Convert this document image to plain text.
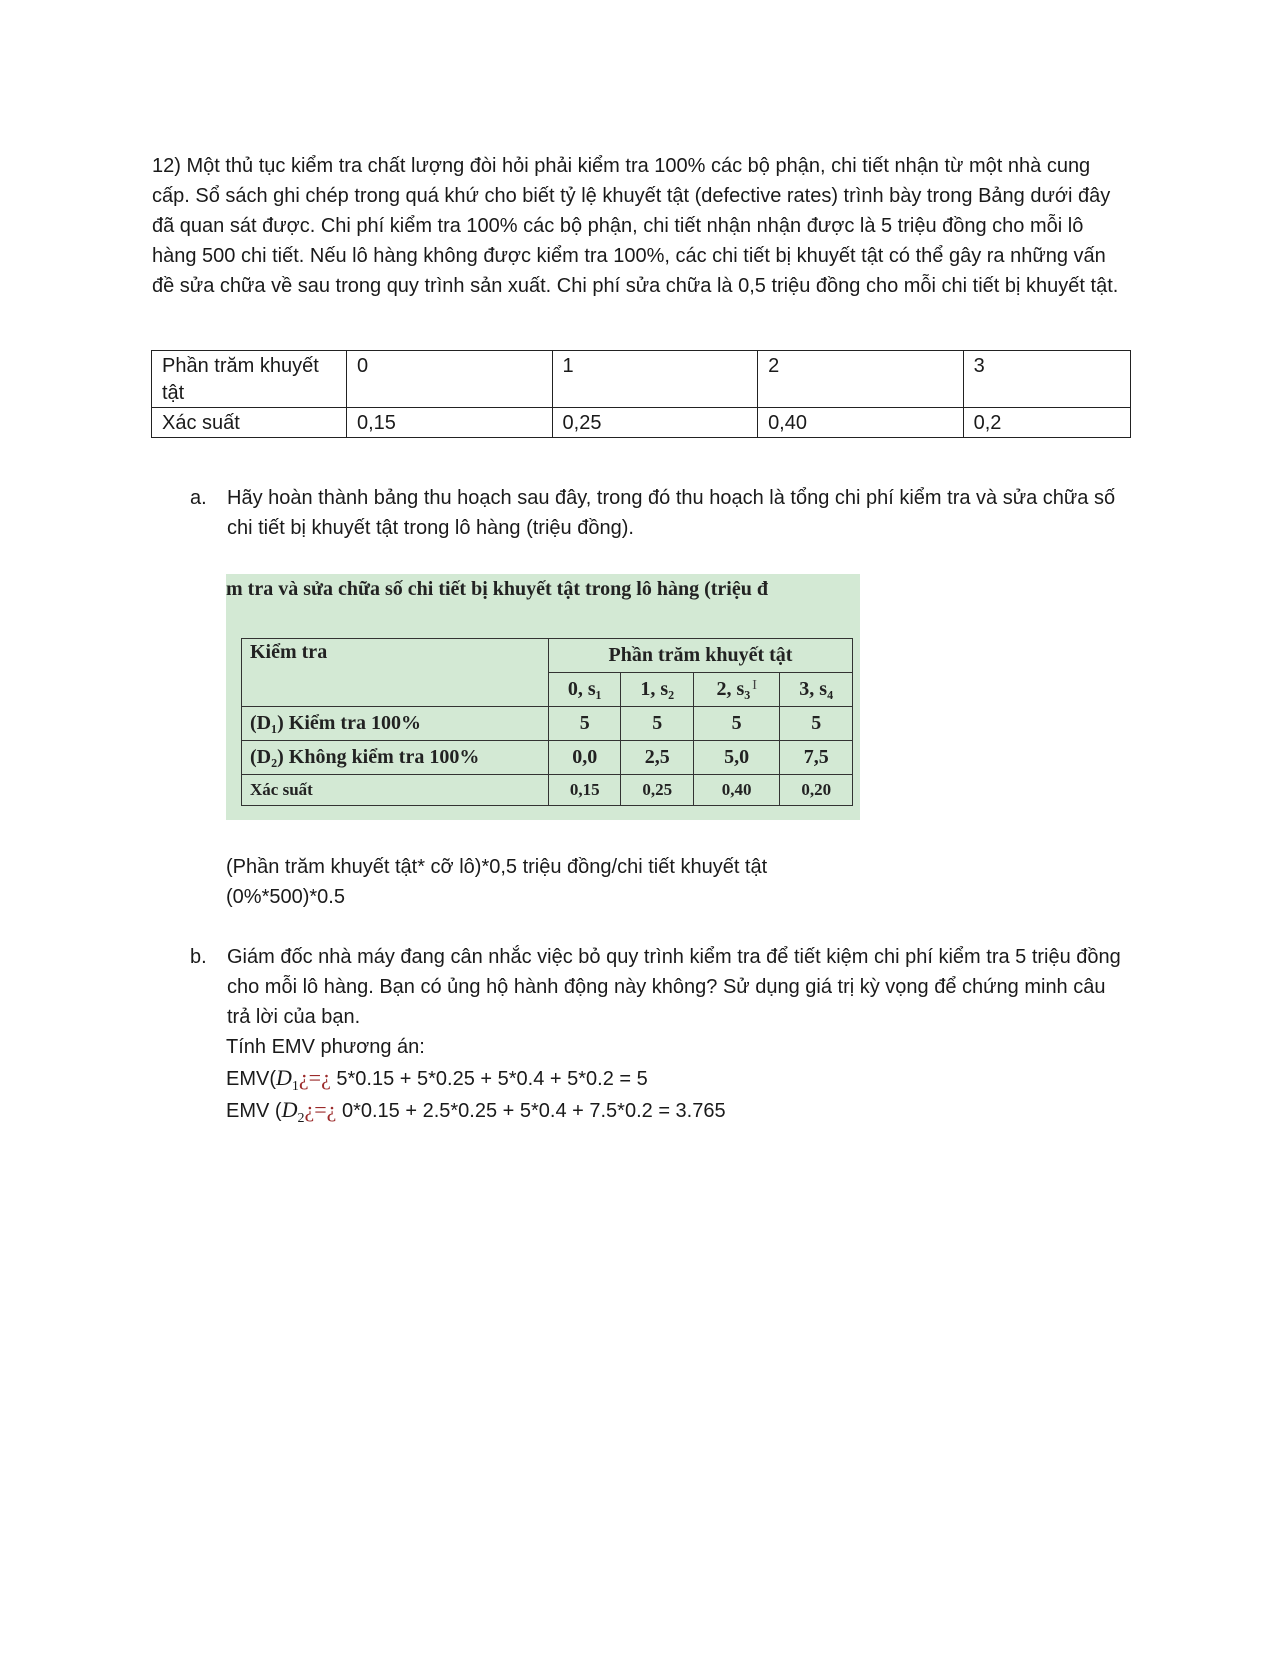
12) Một thủ tục kiểm tra chất lượng đòi hỏi phải kiểm tra 100% các bộ phận, chi tiết nhận từ một nhà cung cấp. Sổ sách ghi chép trong quá khứ cho biết tỷ lệ khuyết tật (defective rates) trình bày trong Bảng dưới đây đã quan sát được. Chi phí kiểm tra 100% các bộ phận, chi tiết nhận nhận được là 5 triệu đồng cho mỗi lô hàng 500 chi tiết. Nếu lô hàng không được kiểm tra 100%, các chi tiết bị khuyết tật có thể gây ra những vấn đề sửa chữa về sau trong quy trình sản xuất. Chi phí sửa chữa là 0,5 triệu đồng cho mỗi chi tiết bị khuyết tật.
Phần trăm khuyết tật	0	1	2	3
Xác suất	0,15	0,25	0,40	0,2
a. Hãy hoàn thành bảng thu hoạch sau đây, trong đó thu hoạch là tổng chi phí kiểm tra và sửa chữa số chi tiết bị khuyết tật trong lô hàng (triệu đồng).
m tra và sửa chữa số chi tiết bị khuyết tật trong lô hàng (triệu đ
Kiểm tra	Phần trăm khuyết tật			
	0, s₁	1, s₂	2, s₃ $^I$	3, s₄
(D₁) Kiểm tra 100%	5	5	5	5
(D₂) Không kiểm tra 100%	0,0	2,5	5,0	7,5
Xác suất	0,15	0,25	0,40	0,20
(Phần trăm khuyết tật* cỡ lô)*0,5 triệu đồng/chi tiết khuyết tật
(0%*500)*0.5
b. Giám đốc nhà máy đang cân nhắc việc bỏ quy trình kiểm tra để tiết kiệm chi phí kiểm tra 5 triệu đồng cho mỗi lô hàng. Bạn có ủng hộ hành động này không? Sử dụng giá trị kỳ vọng để chứng minh câu trả lời của bạn.
Tính EMV phương án:
$EMV(D_1¿=¿$ 5*0.15 + 5*0.25 + 5*0.4 + 5*0.2 = 5
EMV ($D_2¿=¿$ 0*0.15 + 2.5*0.25 + 5*0.4 + 7.5*0.2 = 3.765
